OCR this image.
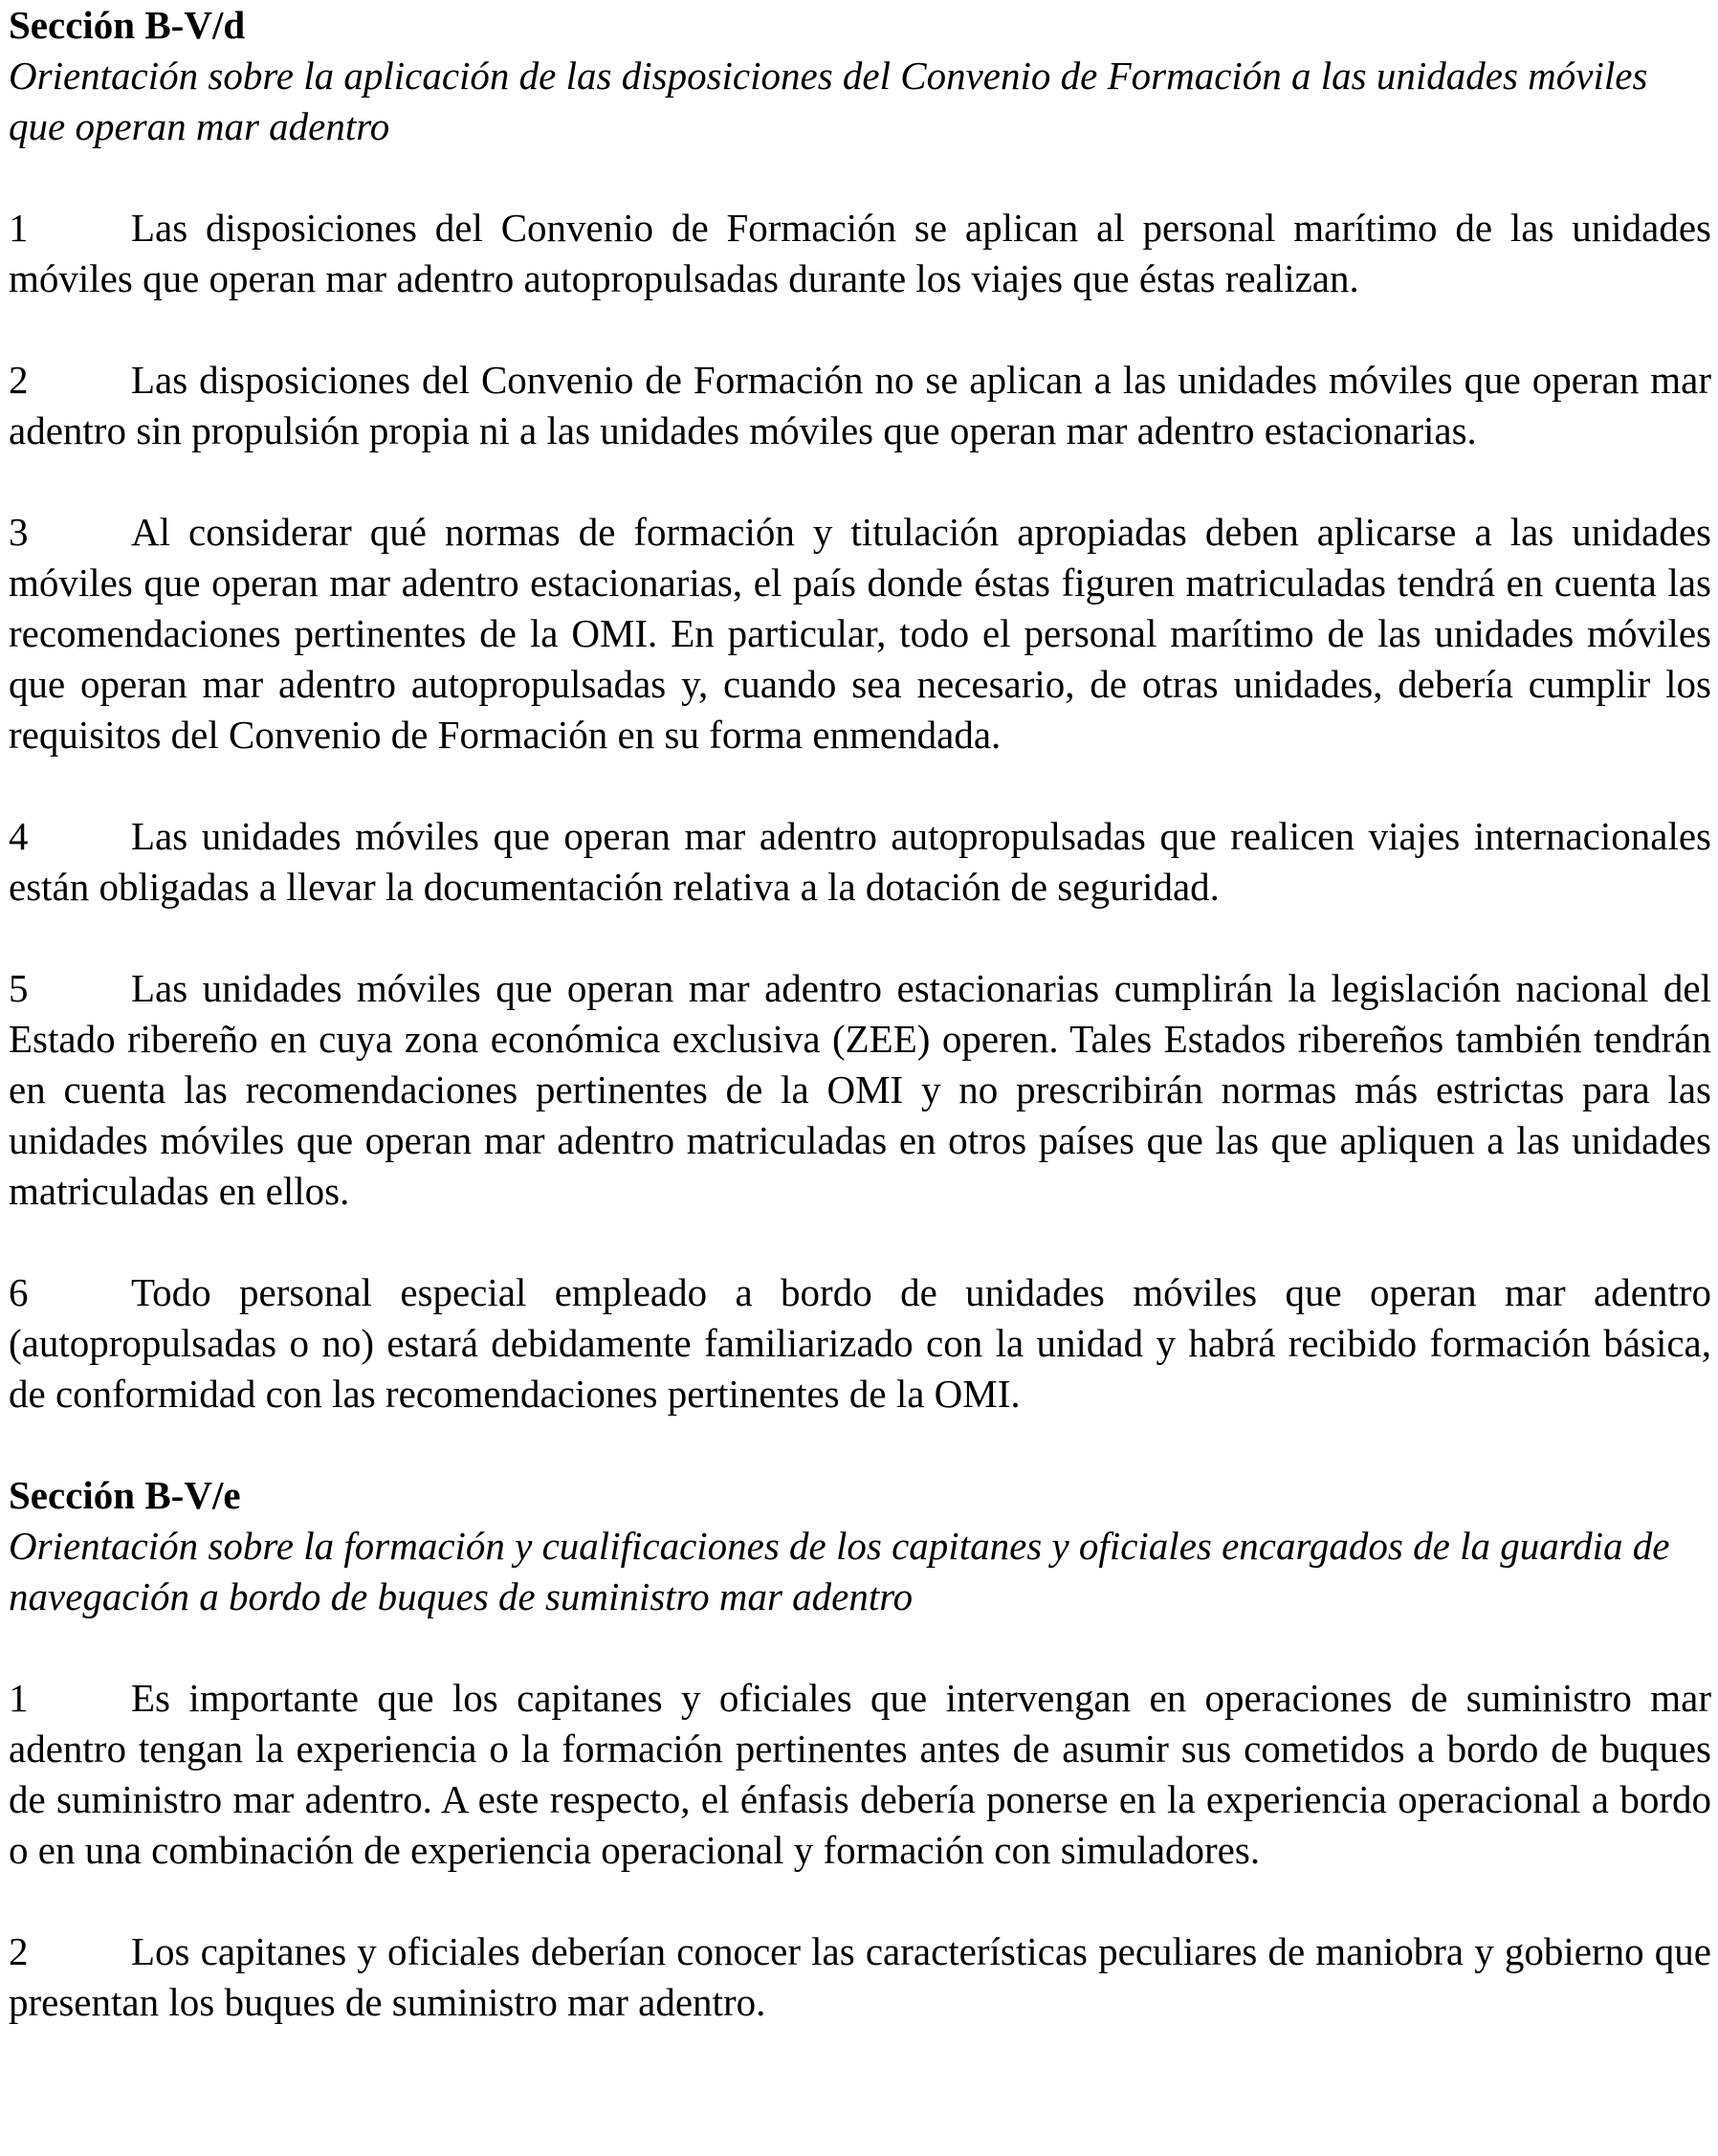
Sección B-V/d

Orientación sobre la aplicación de las disposiciones del Convenio de Formación a las unidades móviles que operan mar adentro

1	Las disposiciones del Convenio de Formación se aplican al personal marítimo de las unidades móviles que operan mar adentro autopropulsadas durante los viajes que éstas realizan.

2	Las disposiciones del Convenio de Formación no se aplican a las unidades móviles que operan mar adentro sin propulsión propia ni a las unidades móviles que operan mar adentro estacionarias.

3	Al considerar qué normas de formación y titulación apropiadas deben aplicarse a las unidades móviles que operan mar adentro estacionarias, el país donde éstas figuren matriculadas tendrá en cuenta las recomendaciones pertinentes de la OMI. En particular, todo el personal marítimo de las unidades móviles que operan mar adentro autopropulsadas y, cuando sea necesario, de otras unidades, debería cumplir los requisitos del Convenio de Formación en su forma enmendada.

4	Las unidades móviles que operan mar adentro autopropulsadas que realicen viajes internacionales están obligadas a llevar la documentación relativa a la dotación de seguridad.

5	Las unidades móviles que operan mar adentro estacionarias cumplirán la legislación nacional del Estado ribereño en cuya zona económica exclusiva (ZEE) operen. Tales Estados ribereños también tendrán en cuenta las recomendaciones pertinentes de la OMI y no prescribirán normas más estrictas para las unidades móviles que operan mar adentro matriculadas en otros países que las que apliquen a las unidades matriculadas en ellos.

6	Todo personal especial empleado a bordo de unidades móviles que operan mar adentro (autopropulsadas o no) estará debidamente familiarizado con la unidad y habrá recibido formación básica, de conformidad con las recomendaciones pertinentes de la OMI.

Sección B-V/e

Orientación sobre la formación y cualificaciones de los capitanes y oficiales encargados de la guardia de navegación a bordo de buques de suministro mar adentro

1	Es importante que los capitanes y oficiales que intervengan en operaciones de suministro mar adentro tengan la experiencia o la formación pertinentes antes de asumir sus cometidos a bordo de buques de suministro mar adentro. A este respecto, el énfasis debería ponerse en la experiencia operacional a bordo o en una combinación de experiencia operacional y formación con simuladores.

2	Los capitanes y oficiales deberían conocer las características peculiares de maniobra y gobierno que presentan los buques de suministro mar adentro.
